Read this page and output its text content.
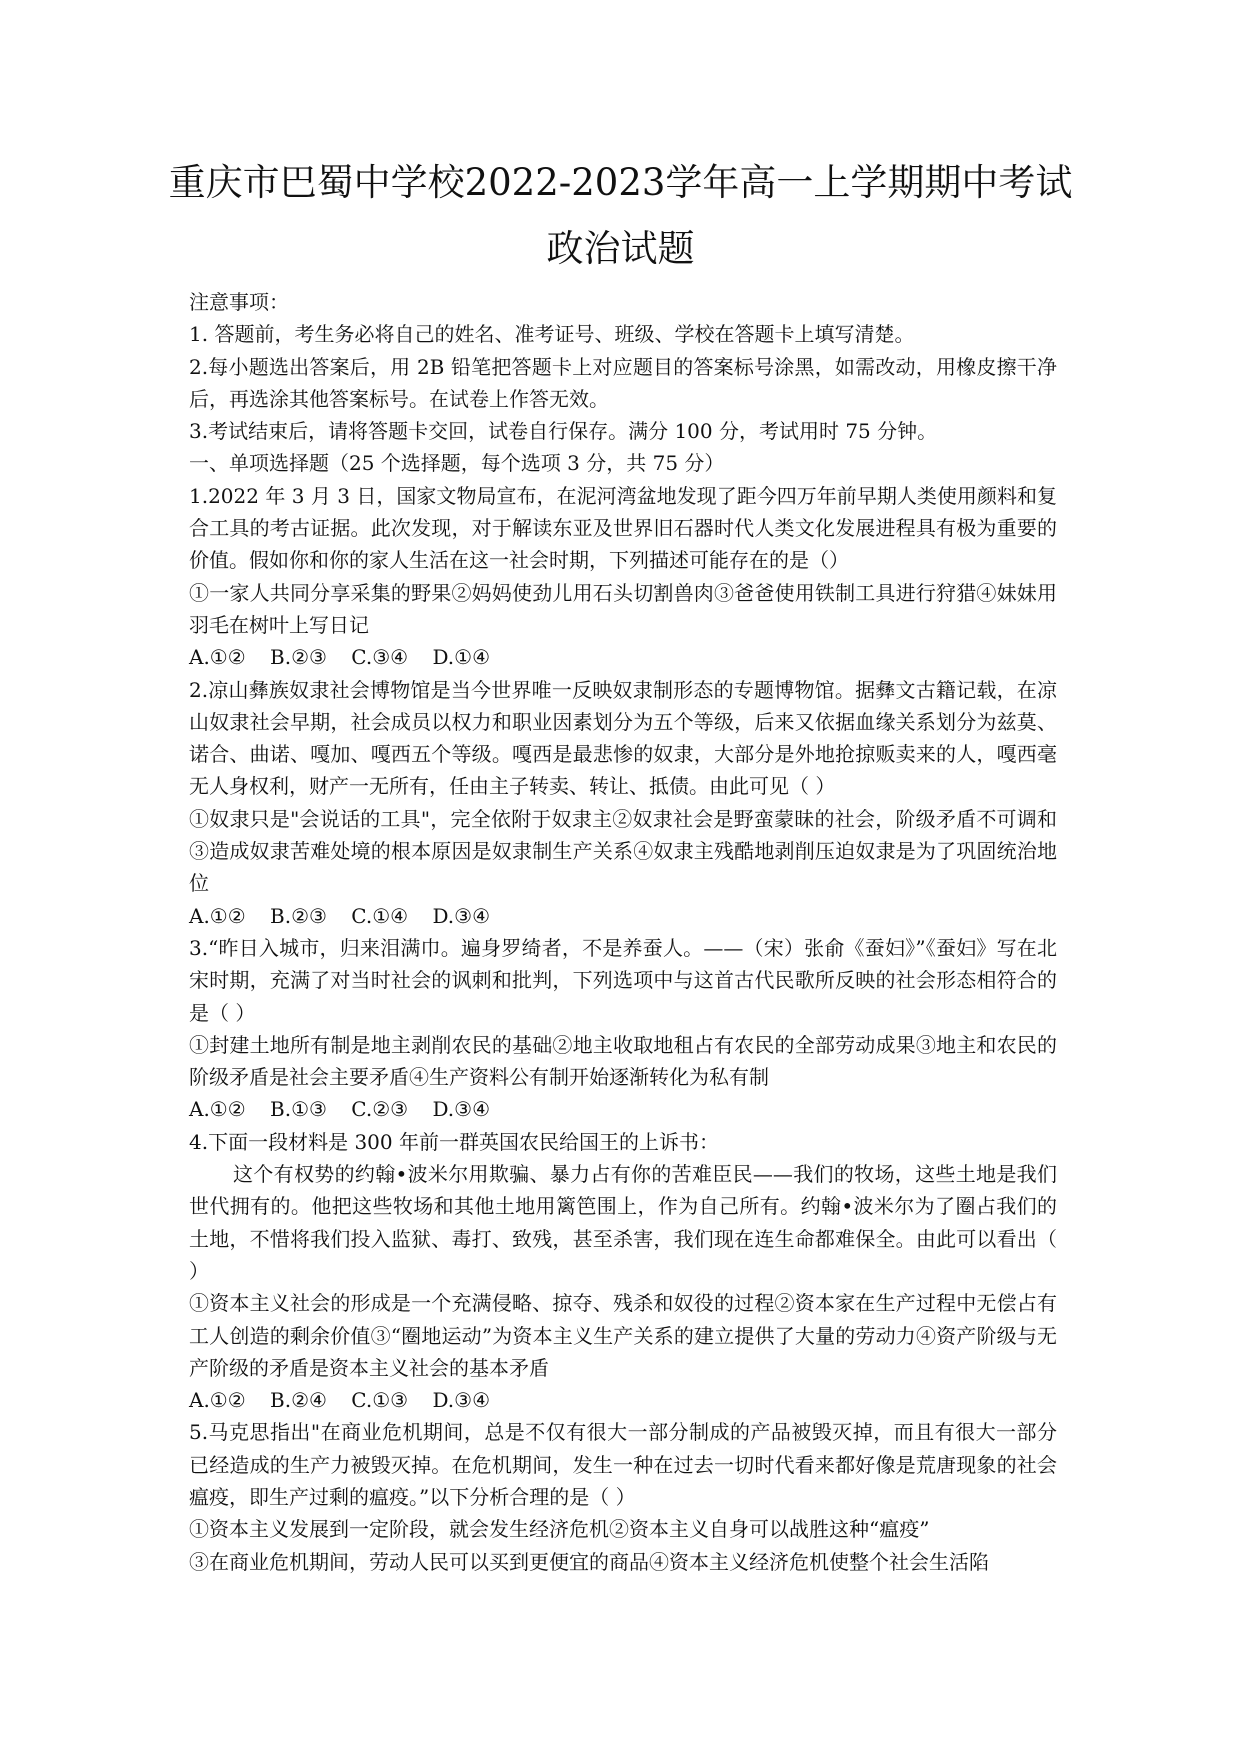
重庆市巴蜀中学校2022-2023学年高一上学期期中考试
政治试题

注意事项：

1. 答题前，考生务必将自己的姓名、准考证号、班级、学校在答题卡上填写清楚。

2.每小题选出答案后，用 2B 铅笔把答题卡上对应题目的答案标号涂黑，如需改动，用橡皮擦干净后，再选涂其他答案标号。在试卷上作答无效。

3.考试结束后，请将答题卡交回，试卷自行保存。满分 100 分，考试用时 75 分钟。

一、单项选择题（25 个选择题，每个选项 3 分，共 75 分）

1.2022 年 3 月 3 日，国家文物局宣布，在泥河湾盆地发现了距今四万年前早期人类使用颜料和复合工具的考古证据。此次发现，对于解读东亚及世界旧石器时代人类文化发展进程具有极为重要的价值。假如你和你的家人生活在这一社会时期，下列描述可能存在的是（）

①一家人共同分享采集的野果②妈妈使劲儿用石头切割兽肉③爸爸使用铁制工具进行狩猎④妹妹用羽毛在树叶上写日记

A.①② B.②③ C.③④ D.①④

2.凉山彝族奴隶社会博物馆是当今世界唯一反映奴隶制形态的专题博物馆。据彝文古籍记载，在凉山奴隶社会早期，社会成员以权力和职业因素划分为五个等级，后来又依据血缘关系划分为兹莫、诺合、曲诺、嘎加、嘎西五个等级。嘎西是最悲惨的奴隶，大部分是外地抢掠贩卖来的人，嘎西毫无人身权利，财产一无所有，任由主子转卖、转让、抵债。由此可见（ ）

①奴隶只是"会说话的工具"，完全依附于奴隶主②奴隶社会是野蛮蒙昧的社会，阶级矛盾不可调和③造成奴隶苦难处境的根本原因是奴隶制生产关系④奴隶主残酷地剥削压迫奴隶是为了巩固统治地位

A.①② B.②③ C.①④ D.③④

3.“昨日入城市，归来泪满巾。遍身罗绮者，不是养蚕人。——（宋）张俞《蚕妇》”《蚕妇》写在北宋时期，充满了对当时社会的讽刺和批判，下列选项中与这首古代民歌所反映的社会形态相符合的是（ ）

①封建土地所有制是地主剥削农民的基础②地主收取地租占有农民的全部劳动成果③地主和农民的阶级矛盾是社会主要矛盾④生产资料公有制开始逐渐转化为私有制

A.①② B.①③ C.②③ D.③④

4.下面一段材料是 300 年前一群英国农民给国王的上诉书：

这个有权势的约翰•波米尔用欺骗、暴力占有你的苦难臣民——我们的牧场，这些土地是我们世代拥有的。他把这些牧场和其他土地用篱笆围上，作为自己所有。约翰•波米尔为了圈占我们的土地，不惜将我们投入监狱、毒打、致残，甚至杀害，我们现在连生命都难保全。由此可以看出（ ）

①资本主义社会的形成是一个充满侵略、掠夺、残杀和奴役的过程②资本家在生产过程中无偿占有工人创造的剩余价值③“圈地运动”为资本主义生产关系的建立提供了大量的劳动力④资产阶级与无产阶级的矛盾是资本主义社会的基本矛盾

A.①② B.②④ C.①③ D.③④

5.马克思指出"在商业危机期间，总是不仅有很大一部分制成的产品被毁灭掉，而且有很大一部分已经造成的生产力被毁灭掉。在危机期间，发生一种在过去一切时代看来都好像是荒唐现象的社会瘟疫，即生产过剩的瘟疫。”以下分析合理的是（ ）

①资本主义发展到一定阶段，就会发生经济危机②资本主义自身可以战胜这种“瘟疫”

③在商业危机期间，劳动人民可以买到更便宜的商品④资本主义经济危机使整个社会生活陷
